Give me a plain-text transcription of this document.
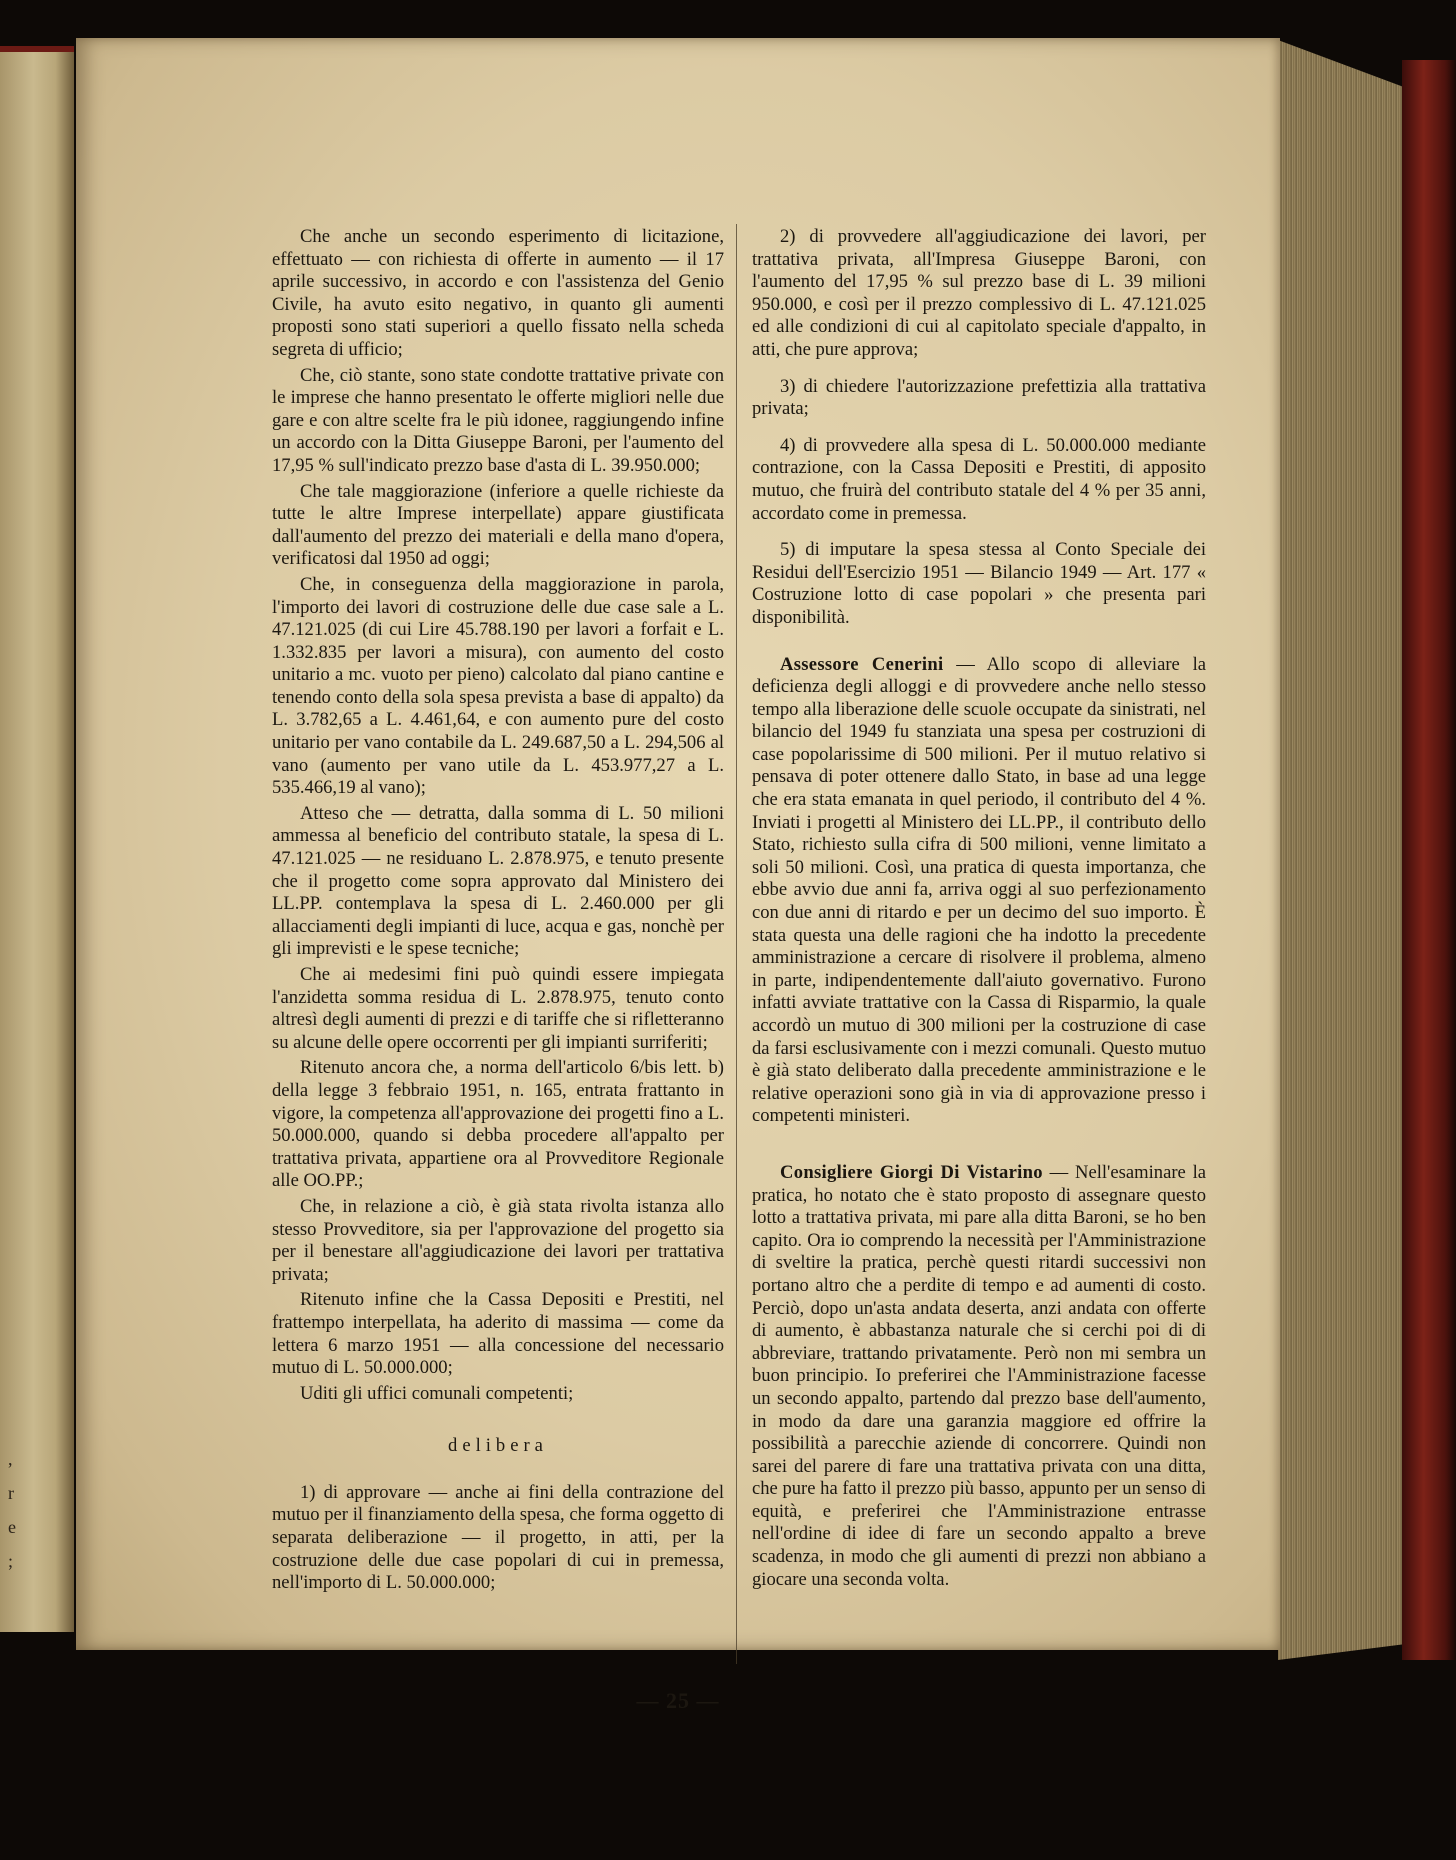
,
r
e
;

Che anche un secondo esperimento di licitazione, effettuato — con richiesta di offerte in aumento — il 17 aprile successivo, in accordo e con l'assistenza del Genio Civile, ha avuto esito negativo, in quanto gli aumenti proposti sono stati superiori a quello fissato nella scheda segreta di ufficio;

Che, ciò stante, sono state condotte trattative private con le imprese che hanno presentato le offerte migliori nelle due gare e con altre scelte fra le più idonee, raggiungendo infine un accordo con la Ditta Giuseppe Baroni, per l'aumento del 17,95 % sull'indicato prezzo base d'asta di L. 39.950.000;

Che tale maggiorazione (inferiore a quelle richieste da tutte le altre Imprese interpellate) appare giustificata dall'aumento del prezzo dei materiali e della mano d'opera, verificatosi dal 1950 ad oggi;

Che, in conseguenza della maggiorazione in parola, l'importo dei lavori di costruzione delle due case sale a L. 47.121.025 (di cui Lire 45.788.190 per lavori a forfait e L. 1.332.835 per lavori a misura), con aumento del costo unitario a mc. vuoto per pieno) calcolato dal piano cantine e tenendo conto della sola spesa prevista a base di appalto) da L. 3.782,65 a L. 4.461,64, e con aumento pure del costo unitario per vano contabile da L. 249.687,50 a L. 294,506 al vano (aumento per vano utile da L. 453.977,27 a L. 535.466,19 al vano);

Atteso che — detratta, dalla somma di L. 50 milioni ammessa al beneficio del contributo statale, la spesa di L. 47.121.025 — ne residuano L. 2.878.975, e tenuto presente che il progetto come sopra approvato dal Ministero dei LL.PP. contemplava la spesa di L. 2.460.000 per gli allacciamenti degli impianti di luce, acqua e gas, nonchè per gli imprevisti e le spese tecniche;

Che ai medesimi fini può quindi essere impiegata l'anzidetta somma residua di L. 2.878.975, tenuto conto altresì degli aumenti di prezzi e di tariffe che si rifletteranno su alcune delle opere occorrenti per gli impianti surriferiti;

Ritenuto ancora che, a norma dell'articolo 6/bis lett. b) della legge 3 febbraio 1951, n. 165, entrata frattanto in vigore, la competenza all'approvazione dei progetti fino a L. 50.000.000, quando si debba procedere all'appalto per trattativa privata, appartiene ora al Provveditore Regionale alle OO.PP.;

Che, in relazione a ciò, è già stata rivolta istanza allo stesso Provveditore, sia per l'approvazione del progetto sia per il benestare all'aggiudicazione dei lavori per trattativa privata;

Ritenuto infine che la Cassa Depositi e Prestiti, nel frattempo interpellata, ha aderito di massima — come da lettera 6 marzo 1951 — alla concessione del necessario mutuo di L. 50.000.000;

Uditi gli uffici comunali competenti;

delibera

1) di approvare — anche ai fini della contrazione del mutuo per il finanziamento della spesa, che forma oggetto di separata deliberazione — il progetto, in atti, per la costruzione delle due case popolari di cui in premessa, nell'importo di L. 50.000.000;

2) di provvedere all'aggiudicazione dei lavori, per trattativa privata, all'Impresa Giuseppe Baroni, con l'aumento del 17,95 % sul prezzo base di L. 39 milioni 950.000, e così per il prezzo complessivo di L. 47.121.025 ed alle condizioni di cui al capitolato speciale d'appalto, in atti, che pure approva;

3) di chiedere l'autorizzazione prefettizia alla trattativa privata;

4) di provvedere alla spesa di L. 50.000.000 mediante contrazione, con la Cassa Depositi e Prestiti, di apposito mutuo, che fruirà del contributo statale del 4 % per 35 anni, accordato come in premessa.

5) di imputare la spesa stessa al Conto Speciale dei Residui dell'Esercizio 1951 — Bilancio 1949 — Art. 177 « Costruzione lotto di case popolari » che presenta pari disponibilità.

Assessore Cenerini — Allo scopo di alleviare la deficienza degli alloggi e di provvedere anche nello stesso tempo alla liberazione delle scuole occupate da sinistrati, nel bilancio del 1949 fu stanziata una spesa per costruzioni di case popolarissime di 500 milioni. Per il mutuo relativo si pensava di poter ottenere dallo Stato, in base ad una legge che era stata emanata in quel periodo, il contributo del 4 %. Inviati i progetti al Ministero dei LL.PP., il contributo dello Stato, richiesto sulla cifra di 500 milioni, venne limitato a soli 50 milioni. Così, una pratica di questa importanza, che ebbe avvio due anni fa, arriva oggi al suo perfezionamento con due anni di ritardo e per un decimo del suo importo. È stata questa una delle ragioni che ha indotto la precedente amministrazione a cercare di risolvere il problema, almeno in parte, indipendentemente dall'aiuto governativo. Furono infatti avviate trattative con la Cassa di Risparmio, la quale accordò un mutuo di 300 milioni per la costruzione di case da farsi esclusivamente con i mezzi comunali. Questo mutuo è già stato deliberato dalla precedente amministrazione e le relative operazioni sono già in via di approvazione presso i competenti ministeri.

Consigliere Giorgi Di Vistarino — Nell'esaminare la pratica, ho notato che è stato proposto di assegnare questo lotto a trattativa privata, mi pare alla ditta Baroni, se ho ben capito. Ora io comprendo la necessità per l'Amministrazione di sveltire la pratica, perchè questi ritardi successivi non portano altro che a perdite di tempo e ad aumenti di costo. Perciò, dopo un'asta andata deserta, anzi andata con offerte di aumento, è abbastanza naturale che si cerchi poi di di abbreviare, trattando privatamente. Però non mi sembra un buon principio. Io preferirei che l'Amministrazione facesse un secondo appalto, partendo dal prezzo base dell'aumento, in modo da dare una garanzia maggiore ed offrire la possibilità a parecchie aziende di concorrere. Quindi non sarei del parere di fare una trattativa privata con una ditta, che pure ha fatto il prezzo più basso, appunto per un senso di equità, e preferirei che l'Amministrazione entrasse nell'ordine di idee di fare un secondo appalto a breve scadenza, in modo che gli aumenti di prezzi non abbiano a giocare una seconda volta.

— 25 —
